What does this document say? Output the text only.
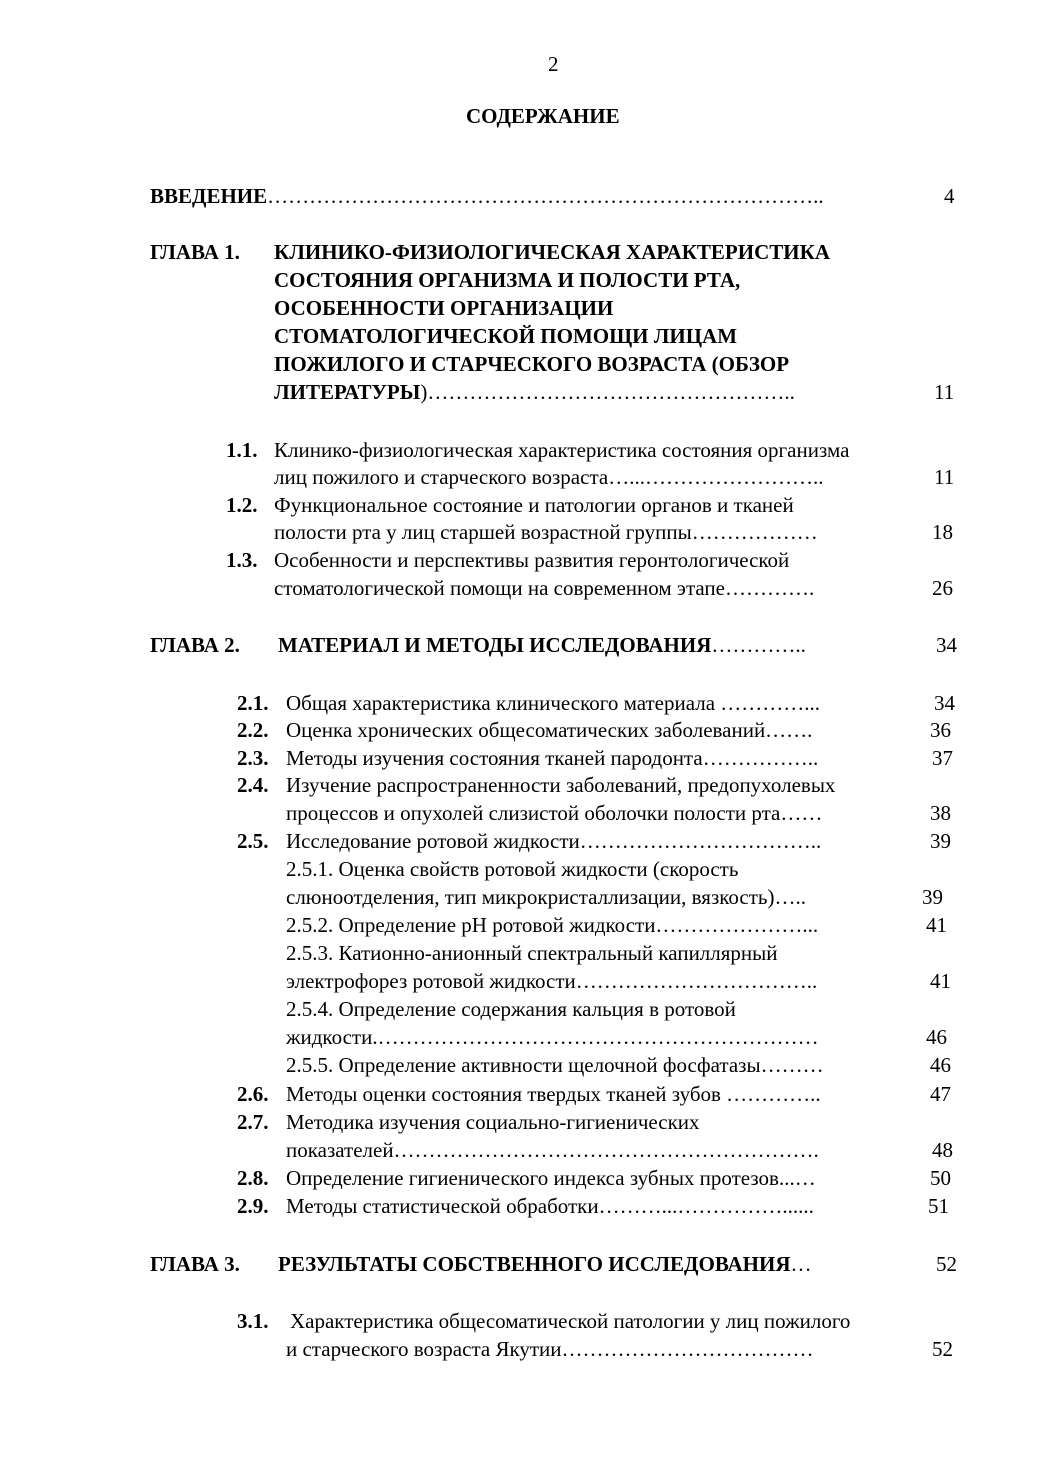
2
СОДЕРЖАНИЕ
ВВЕДЕНИЕ……………………………………………………………………..	4
ГЛАВА 1. КЛИНИКО-ФИЗИОЛОГИЧЕСКАЯ ХАРАКТЕРИСТИКА
СОСТОЯНИЯ ОРГАНИЗМА И ПОЛОСТИ РТА,
ОСОБЕННОСТИ ОРГАНИЗАЦИИ
СТОМАТОЛОГИЧЕСКОЙ ПОМОЩИ ЛИЦАМ
ПОЖИЛОГО И СТАРЧЕСКОГО ВОЗРАСТА (ОБЗОР
ЛИТЕРАТУРЫ)……………………………………………..	11
1.1. Клинико-физиологическая характеристика состояния организма
лиц пожилого и старческого возраста…...……………………..	11
1.2. Функциональное состояние и патологии органов и тканей
полости рта у лиц старшей возрастной группы………………	18
1.3. Особенности и перспективы развития геронтологической
стоматологической помощи на современном этапе………….	26
ГЛАВА 2. МАТЕРИАЛ И МЕТОДЫ ИССЛЕДОВАНИЯ…………..	34
2.1. Общая характеристика клинического материала …………...	34
2.2. Оценка хронических общесоматических заболеваний…….	36
2.3. Методы изучения состояния тканей пародонта……………..	37
2.4. Изучение распространенности заболеваний, предопухолевых
процессов и опухолей слизистой оболочки полости рта……	38
2.5. Исследование ротовой жидкости……………………………..	39
2.5.1. Оценка свойств ротовой жидкости (скорость
слюноотделения, тип микрокристаллизации, вязкость)…..	39
2.5.2. Определение рН ротовой жидкости…………………...	41
2.5.3. Катионно-анионный спектральный капиллярный
электрофорез ротовой жидкости……………………………..	41
2.5.4. Определение содержания кальция в ротовой
жидкости.………………………………………………………	46
2.5.5. Определение активности щелочной фосфатазы………	46
2.6. Методы оценки состояния твердых тканей зубов …………..	47
2.7. Методика изучения социально-гигиенических
показателей…………………………………………………….	48
2.8. Определение гигиенического индекса зубных протезов...…	50
2.9. Методы статистической обработки………...……………......	51
ГЛАВА 3. РЕЗУЛЬТАТЫ СОБСТВЕННОГО ИССЛЕДОВАНИЯ…	52
3.1. Характеристика общесоматической патологии у лиц пожилого
и старческого возраста Якутии………………………………	52
